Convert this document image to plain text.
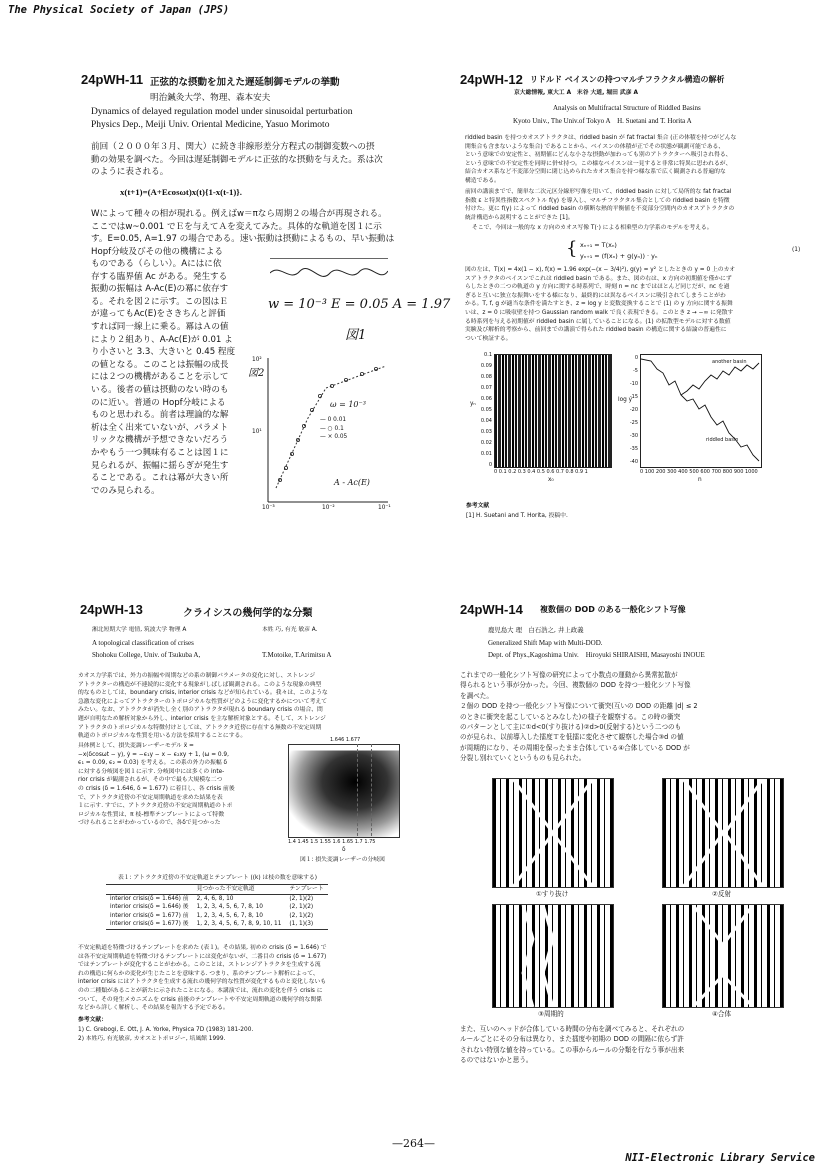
The Physical Society of Japan (JPS)
NII-Electronic Library Service
—264—
24pWH-11 正弦的な摂動を加えた遅延制御モデルの挙動
明治鍼灸大学、物理、森本安夫
Dynamics of delayed regulation model under sinusoidal perturbation
Physics Dep., Meiji Univ. Oriental Medicine, Yasuo Morimoto
前回（２０００年３月、関大）に続き非線形差分方程式の制御変数への摂
動の効果を調べた。今回は遅延制御モデルに正弦的な摂動を与えた。系は次
のように表される。
x(t+1)=(A+Ecosωt)x(t){1-x(t-1)}.
Wによって種々の相が現れる。例えばw＝πなら周期２の場合が再現される。
ここではw~0.001 でＥを与えてＡを変えてみた。具体的な軌道を図１に示
す。E=0.05, A=1.97 の場合である。速い振動は摂動によるもの、早い振動は
Hopf分岐及びその他の機構による
ものである（らしい）。Aにはに依
存する臨界値 Ac がある。発生する
振動の振幅は A-Ac(E)の冪に依存す
る。それを図２に示す。この図はＥ
が違ってもAc(E)をさきちんと評価
すれば同一線上に乗る。冪はＡの値
により２組あり、A-Ac(E)が 0.01 よ
り小さいと 3.3、大きいと 0.45 程度
の値となる。このことは振幅の成長
には２つの機構があることを示して
いる。後者の値は摂動のない時のも
のに近い。普通の Hopf分岐による
ものと思われる。前者は理論的な解
析は全く出来ていないが、パラメト
リックな機構が予想できないだろう
かやもう一つ興味有ることは図１に
見られるが、振幅に揺らぎが発生す
ることである。これは冪が大きい所
でのみ見られる。
w = 10⁻³ E = 0.05 A = 1.97
図1
図2
10²
10¹
10⁻³	10⁻²	10⁻¹
ω = 10⁻³
— 0 0.01
— ○ 0.1
— × 0.05
A - Ac(E)
24pWH-12 リドルド ベイスンの持つマルチフラクタル構造の解析
京大総情報, 東大工 A　末谷 大道, 堀田 武彦 A
Analysis on Multifractal Structure of Riddled Basins
Kyoto Univ., The Univ.of Tokyo A　H. Suetani and T. Horita A
riddled basin を持つカオスアトラクタは、riddled basin が fat fractal 集合 (正の体積を持つがどんな
開集合も含まないような集合) であることから、ベイスンの体積が正でその状態が観測可能である、
という意味での安定性と、初期値にどんな小さな摂動が加わっても別のアトラクターへ吸引され得る、
という意味での不安定性を同時に併せ持つ。この様なベイスンは一見すると非常に特異に思われるが、
結合カオス系など不変部分空間に閉じ込められたカオス集合を持つ様な系で広く観測される普遍的な
構造である。
前回の講演までで、簡単な二次元区分線形写像を用いて、riddled basin に対して局所的な fat fractal
指数 ε と特異性指数スペクトル f(γ) を導入し、マルチフラクタル集合としての riddled basin を特徴
付けた。更に f(γ) によって riddled basin の横断な熱的平衡値を不変部分空間内のカオスアトラクタの
統計構造から説明することができた [1]。
そこで、今回は一般的な x 方向のカオス写像 T(·) による相乗型の力学系のモデルを考える。
{ xₙ₊₁ = T(xₙ)
yₙ₊₁ = (f(xₙ) + g(yₙ)) · yₙ
(1)
図の左は、T(x) = 4x(1 − x), f(x) = 1.96 exp(−(x − 3/4)²), g(y) = y² としたときの y = 0 上のカオ
スアトラクタのベイスンでこれは riddled basin である。また、図の右は、x 方向の初期値を僅かにず
らしたときの二つの軌道の y 方向に関する時系列で、時刻 n = nc まではほとんど同じだが、nc を過
ぎると互いに独立な振舞いをする様になり、最終的には異なるベイスンに吸引されてしまうことがわ
かる。T, f, g が適当な条件を満たすとき、z = log y と変数変換することで (1) の y 方向に関する振舞
いは、z = 0 に吸収壁を持つ Gaussian random walk で良く表現できる。このとき z → −∞ に発散す
る時系列を与える初期値が riddled basin に属していることになる。(1) の拡散型モデルに対する数値
実験及び解析的考察から、前回までの講演で得られた riddled basin の構造に関する結論の普遍性に
ついて検証する。
yₙ
0.1
0.09
0.08
0.07
0.06
0.05
0.04
0.03
0.02
0.01
0
0 0.1 0.2 0.3 0.4 0.5 0.6 0.7 0.8 0.9 1
x₀
log y
0
-5
-10
-15
-20
-25
-30
-35
-40
another basin
riddled basin
0 100 200 300 400 500 600 700 800 900 1000
n
参考文献
[1] H. Suetani and T. Horita, 投稿中.
24pWH-13	クライシスの幾何学的な分類
湘北短期大学 電情, 筑波大学 物理 A	本姓 巧, 有光 敏彦 A.
A topological classification of crises
Shohoku College, Univ. of Tsukuba A,	T.Motoike, T.Arimitsu A
カオス力学系では、外力の振幅や周期などの系の制御パラメータの変化に対し、ストレンジ
アトラクターの構造が不連続的に変化する現象がしばしば観測される。このような現象の典型
的なものとしては、boundary crisis, interior crisis などが知られている。我々は、このような
急激な変化によってアトラクターのトポロジカルな性質がどのように変化するかについて考えて
みたい。なお、アトラクタが消失し全く別のアトラクタが現れる boundary crisis の場合、問
題が自明なため解析対象から外し、interior crisis を主な解析対象とする。そして、ストレンジ
アトラクタのトポロジカルな特徴付けとしては、アトラクタ近傍に存在する無数の不安定周期
軌道のトポロジカルな性質を用いる方法を採用することにする。
具体例として、損失変調レーザーモデル ẍ =
−x(δcosωt − y), ẏ = −ϵ₁y − x − ϵ₂xy + 1, (ω = 0.9,
ϵ₁ = 0.09, ϵ₂ = 0.03) を考える。この系の外力の振幅 δ
に対する分岐図を図１に示す. 分岐図中には多くの inte-
rior crisis が観測されるが、その中で最も大規模な二つ
の crisis (δ = 1.646, δ = 1.677) に着目し、各 crisis 前後
で、アトラクタ近傍の不安定周期軌道を求めた結果を表
１に示す. すでに、アトラクタ近傍の不安定周期軌道のトポ
ロジカルな性質は、π 枝-標準テンプレートによって特徴
づけられることがわかっているので、各δで見つかった
1.646 1.677
1.4 1.45 1.5 1.55 1.6 1.65 1.7 1.75
δ
図１: 損失変調レーザーの分岐図
表１: アトラクタ近傍の不安定軌道とテンプレート ((k) は枝の数を意味する)
	見つかった不安定軌道	テンプレート
interior crisis(δ = 1.646) 前	2, 4, 6, 8, 10	(2, 1)(2)
interior crisis(δ = 1.646) 後	1, 2, 3, 4, 5, 6, 7, 8, 10	(2, 1)(2)
interior crisis(δ = 1.677) 前	1, 2, 3, 4, 5, 6, 7, 8, 10	(2, 1)(2)
interior crisis(δ = 1.677) 後	1, 2, 3, 4, 5, 6, 7, 8, 9, 10, 11	(1, 1)(3)
不安定軌道を特徴づけるテンプレートを求めた (表１)。その結果, 初めの crisis (δ = 1.646) で
は各不安定周期軌道を特徴づけるテンプレートには変化がないが、二番目の crisis (δ = 1.677)
ではテンプレートが変化することがわかる。このことは、ストレンジアトラクタを生成する流
れの構造に何らかの変化が生じたことを意味する. つまり、系のテンプレート解析によって、
interior crisis にはアトラクタを生成する流れの幾何学的な性質が変化するものと変化しないも
のの二種類があることが新たに示されたことになる。本講演では、流れの変化を伴う crisis に
ついて、その発生メカニズムを crisis 前後のテンプレートや不安定周期軌道の幾何学的な関係
などから詳しく解析し、その結果を報告する予定である。
参考文献：
1) C. Grebogi, E. Ott, J. A. Yorke, Physica 7D (1983) 181-200.
2) 本姓巧, 有光敏彦, カオスとトポロジー, 培風館 1999.
24pWH-14 複数個の DOD のある一般化シフト写像
鹿児島大 理　白石浩之, 井上政義
Generalized Shift Map with Multi-DOD.
Dept. of Phys.,Kagoshima Univ.　Hiroyuki SHIRAISHI, Masayoshi INOUE
これまでの一般化シフト写像の研究によって小数点の運動から異常拡散が
得られるという事が分かった。今回、複数個の DOD を持つ一般化シフト写像
を調べた。
２個の DOD を持つ一般化シフト写像について衝突(互いの DOD の距離 |d| ≤ 2
のときに衝突を起こしているとみなした)の様子を観察する。この時の衝突
のパターンとして主に①d<0(すり抜ける)②d>0(反射する)という二つのも
のが見られ、以前導入した擂度Ｔを低擂に変化させて観察した場合③d の値
が周期的になり、その周期を保ったまま合体している④合体している DOD が
分裂し別れていくというものも見られた。
①すり抜け	②反射
③周期的	④合体
また、互いのヘッドが合体している時間の分布を調べてみると、それぞれの
ルールごとにその分布は異なり、また擂度や初期の DOD の間隔に依らず許
されない特別な値を持っている。この事からルールの分類を行なう事が出来
るのではないかと思う。
